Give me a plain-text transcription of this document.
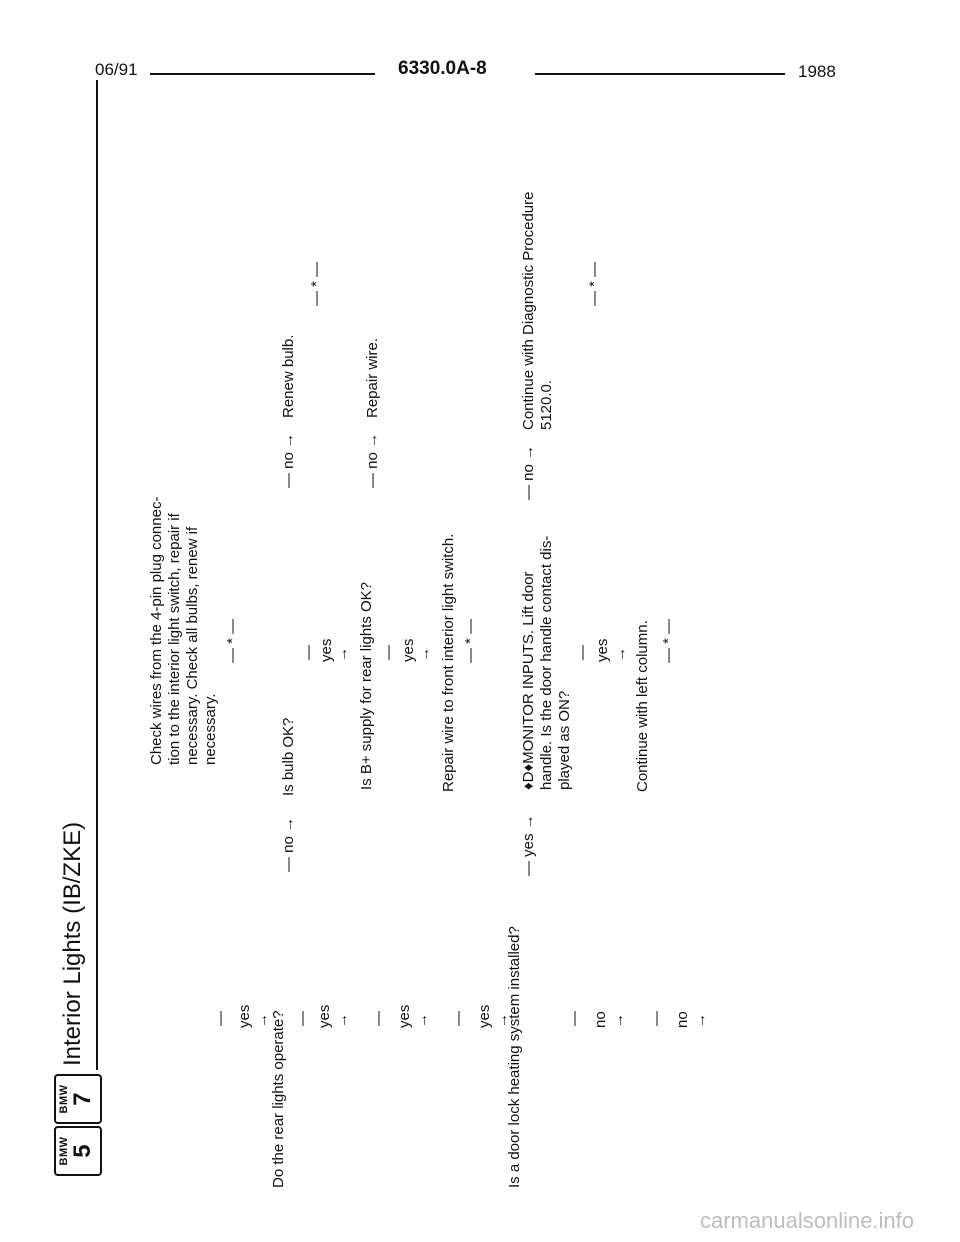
06/91	6330.0A-8	1988
BMW 5
BMW 7
Interior Lights (IB/ZKE)
Check wires from the 4-pin plug connec- tion to the interior light switch, repair if necessary. Check all bulbs, renew if necessary.
— * —
— yes → Do the rear lights operate? — yes →
— no →
Is bulb OK?
— yes →
— no →
Renew bulb.
— * —
Is B+ supply for rear lights OK?
— yes →
— yes →
— no →
Repair wire.
Repair wire to front interior light switch. — * —
— yes →
Is a door lock heating system installed?
— yes →
♦D♦MONITOR INPUTS. Lift door handle. Is the door handle contact dis- played as ON?
— no →
Continue with Diagnostic Procedure 5120.0.
— * —
— yes → Continue with left column. — * —
— no → — no →
carmanualsonline.info
